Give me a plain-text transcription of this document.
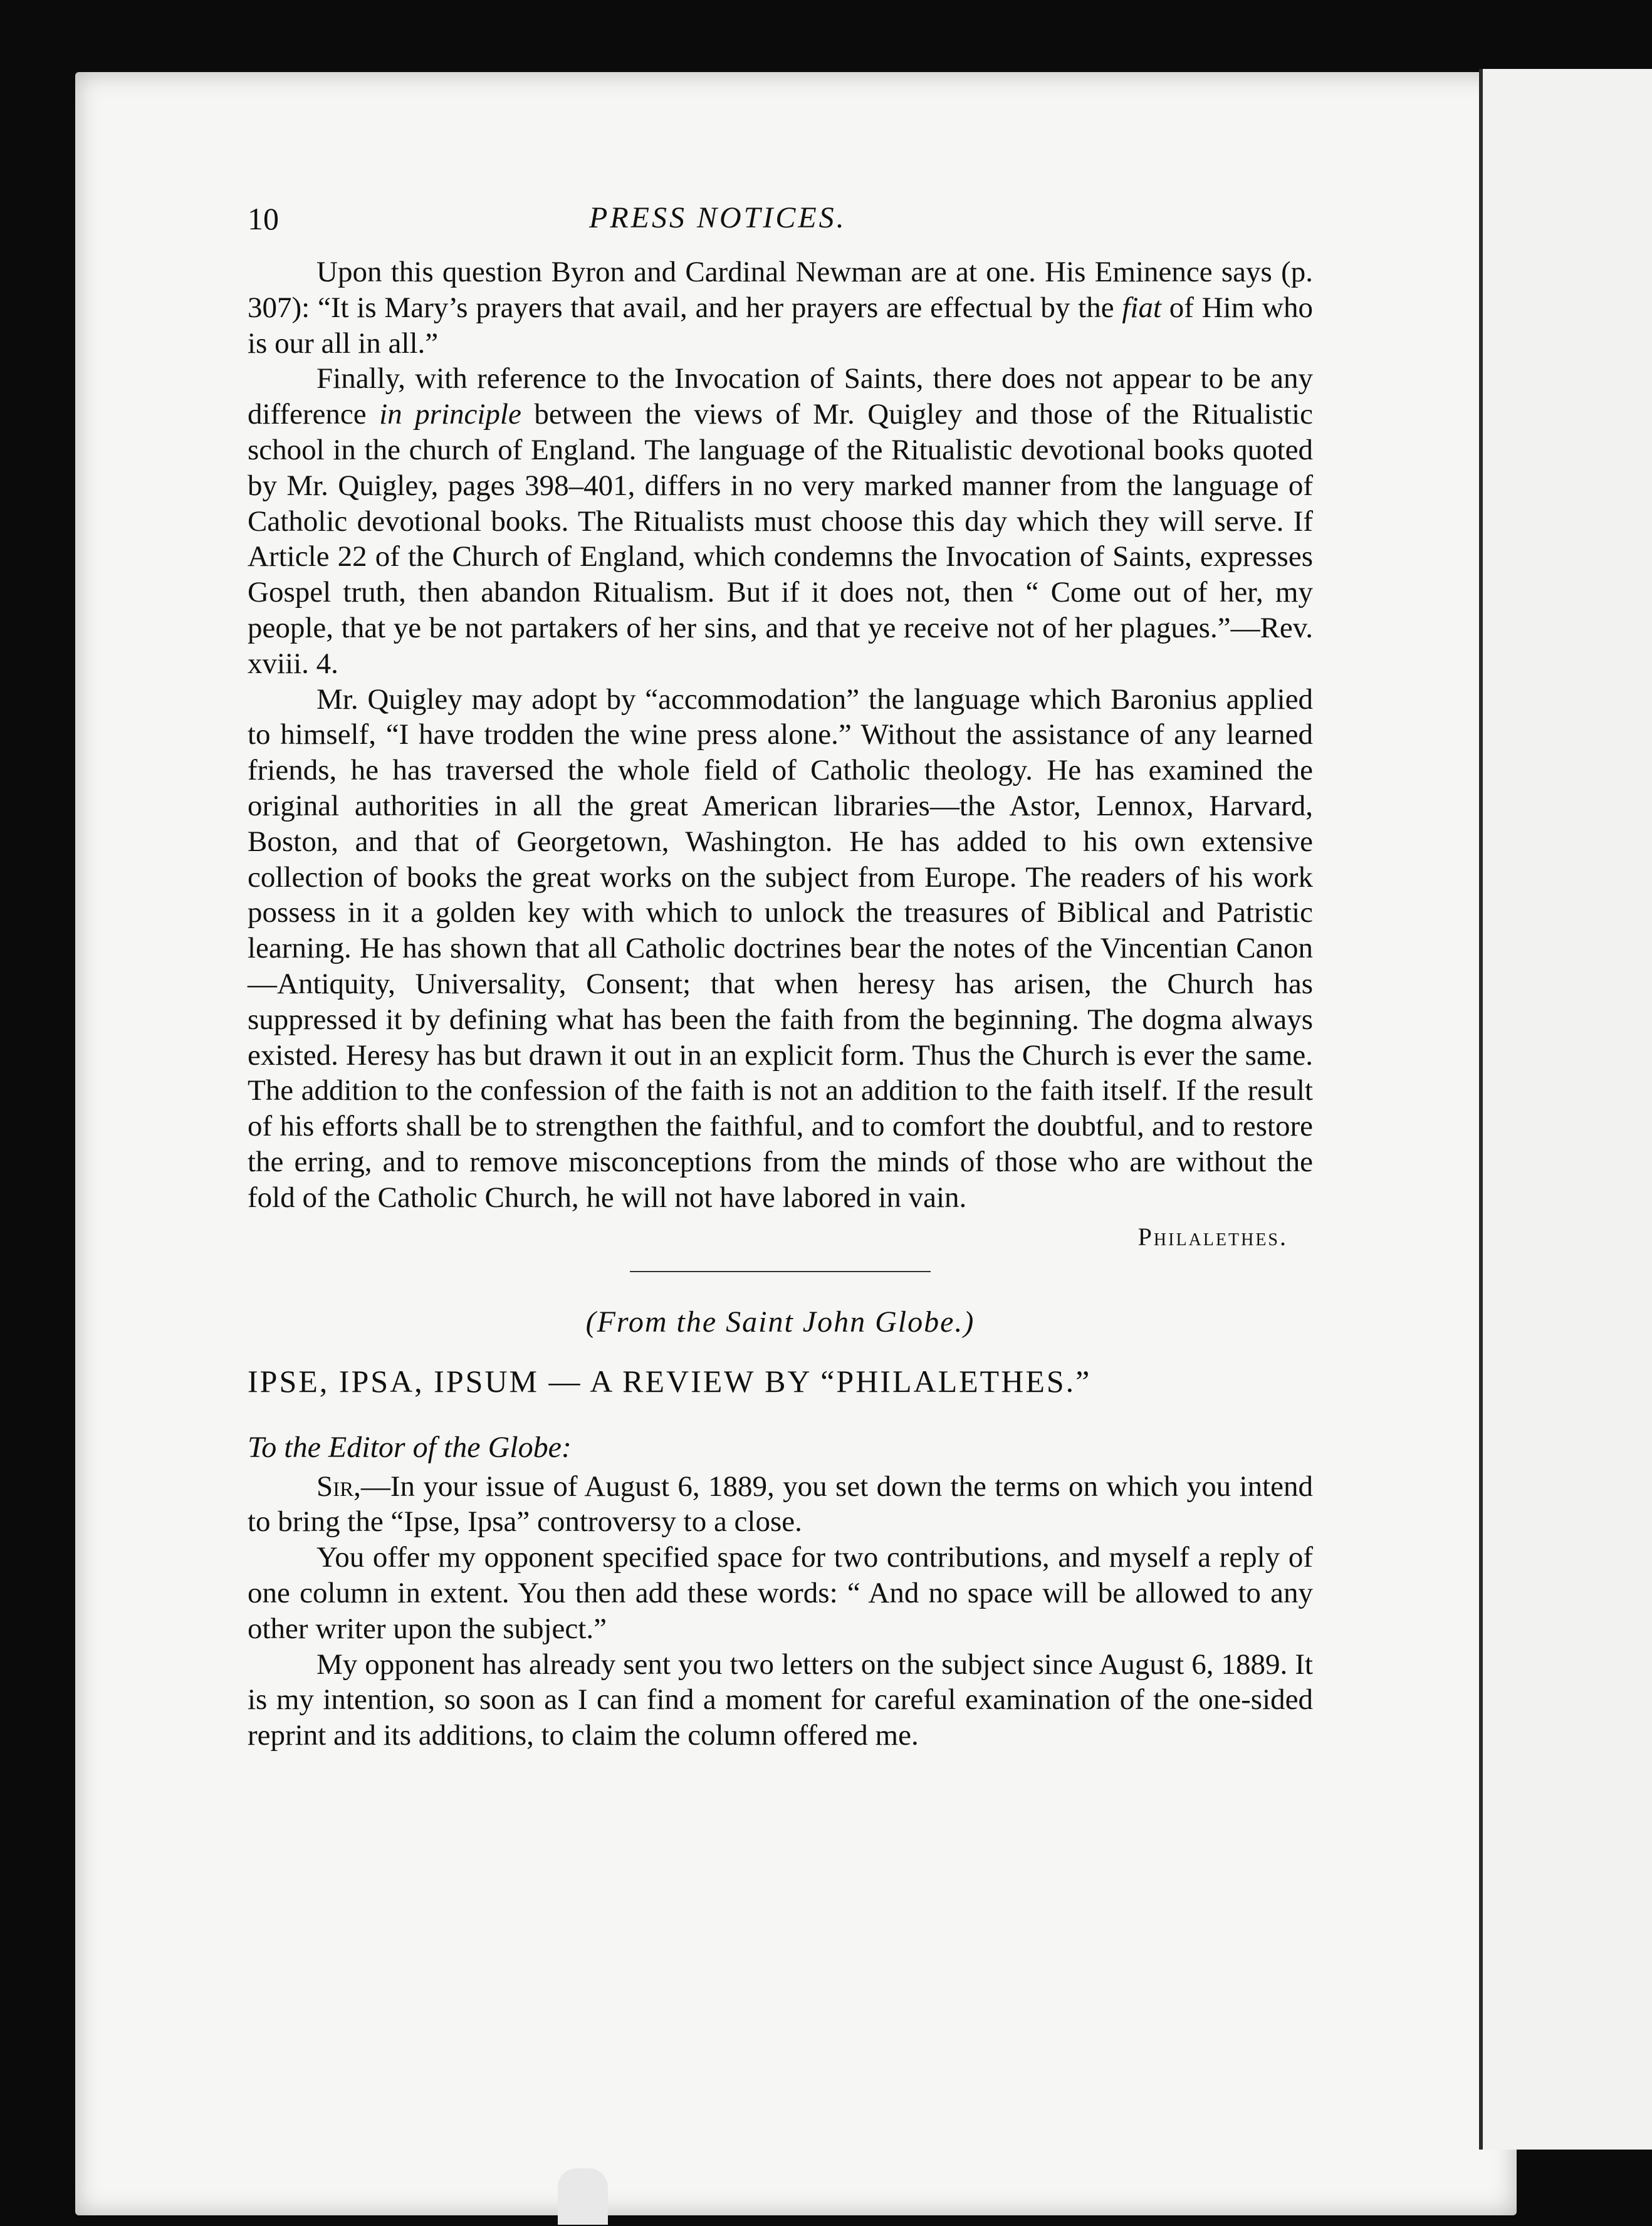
10	PRESS NOTICES.

Upon this question Byron and Cardinal Newman are at one. His Eminence says (p. 307): “It is Mary’s prayers that avail, and her prayers are effectual by the fiat of Him who is our all in all.”

Finally, with reference to the Invocation of Saints, there does not appear to be any difference in principle between the views of Mr. Quigley and those of the Ritualistic school in the church of England. The language of the Ritualistic devotional books quoted by Mr. Quigley, pages 398–401, differs in no very marked manner from the language of Catholic devotional books. The Ritualists must choose this day which they will serve. If Article 22 of the Church of England, which condemns the Invocation of Saints, expresses Gospel truth, then abandon Ritualism. But if it does not, then “ Come out of her, my people, that ye be not partakers of her sins, and that ye receive not of her plagues.”—Rev. xviii. 4.

Mr. Quigley may adopt by “accommodation” the language which Baronius applied to himself, “I have trodden the wine press alone.” Without the assistance of any learned friends, he has traversed the whole field of Catholic theology. He has examined the original authorities in all the great American libraries—the Astor, Lennox, Harvard, Boston, and that of Georgetown, Washington. He has added to his own extensive collection of books the great works on the subject from Europe. The readers of his work possess in it a golden key with which to unlock the treasures of Biblical and Patristic learning. He has shown that all Catholic doctrines bear the notes of the Vincentian Canon—Antiquity, Universality, Consent; that when heresy has arisen, the Church has suppressed it by defining what has been the faith from the beginning. The dogma always existed. Heresy has but drawn it out in an explicit form. Thus the Church is ever the same. The addition to the confession of the faith is not an addition to the faith itself. If the result of his efforts shall be to strengthen the faithful, and to comfort the doubtful, and to restore the erring, and to remove misconceptions from the minds of those who are without the fold of the Catholic Church, he will not have labored in vain.

Philalethes.
(From the Saint John Globe.)
IPSE, IPSA, IPSUM — A REVIEW BY “PHILALETHES.”
To the Editor of the Globe:

Sir,—In your issue of August 6, 1889, you set down the terms on which you intend to bring the “Ipse, Ipsa” controversy to a close.

You offer my opponent specified space for two contributions, and myself a reply of one column in extent. You then add these words: “ And no space will be allowed to any other writer upon the subject.”

My opponent has already sent you two letters on the subject since August 6, 1889. It is my intention, so soon as I can find a moment for careful examination of the one-sided reprint and its additions, to claim the column offered me.
